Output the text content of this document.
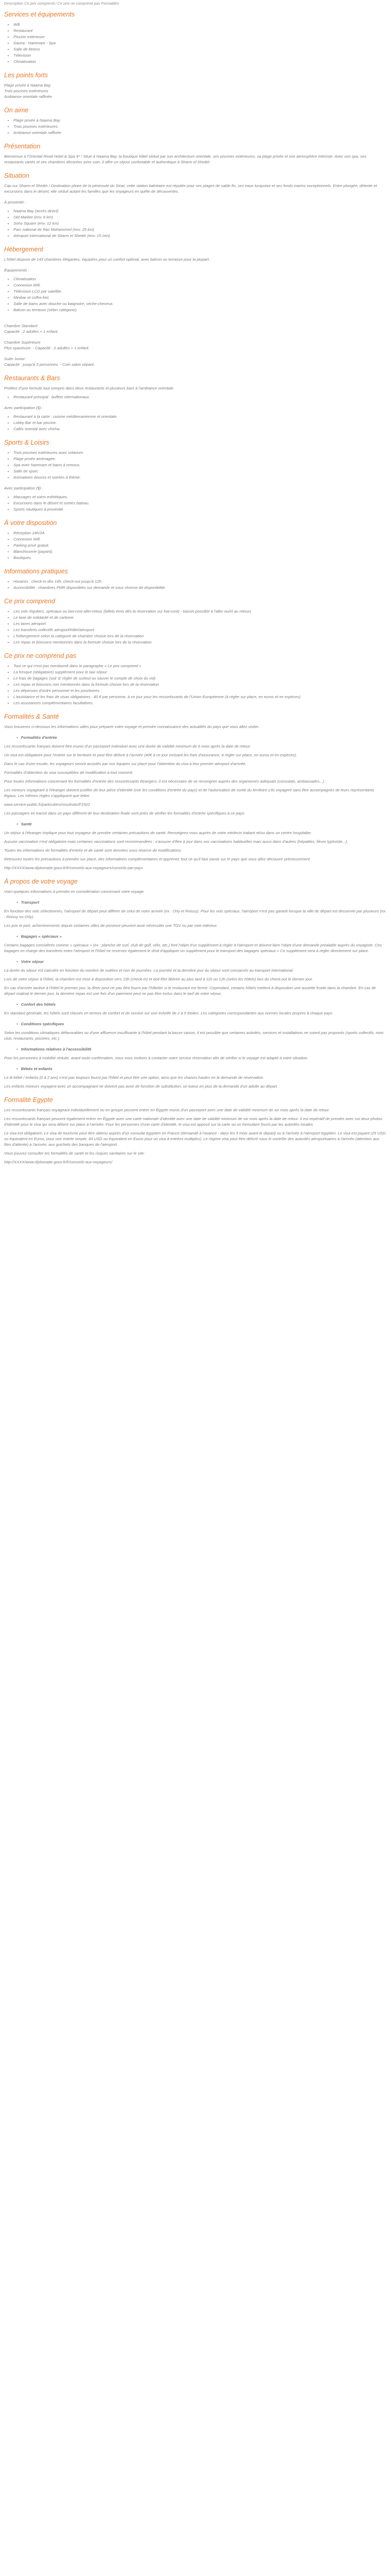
Description Ce prix comprend / Ce prix ne comprend pas Formalités
Services et équipements
• Wifi
• Restaurant
• Piscine extérieure
• Sauna - Hammam - Spa
• Salle de fitness
• Télévision
• Climatisation
Les points forts
Plage privée à Naama Bay
Trois piscines extérieures
Ambiance orientale raffinée
On aime
• Plage privée à Naama Bay.
• Trois piscines extérieures.
• Ambiance orientale raffinée.
Présentation

Bienvenue à l'Oriental Rivoli Hotel & Spa 4* ! Situé à Naama Bay, la boutique hôtel séduit par son architecture orientale, ses piscines extérieures, sa plage privée et son atmosphère intimiste. Avec son spa, ses restaurants variés et ses chambres décorées avec soin, il offre un séjour confortable et authentique à Sharm el Sheikh.

Situation

Cap sur Sharm el Sheikh ! Destination phare de la péninsule du Sinaï, cette station balnéaire est réputée pour ses plages de sable fin, ses eaux turquoise et ses fonds marins exceptionnels. Entre plongée, détente et excursions dans le désert, elle séduit autant les familles que les voyageurs en quête de découvertes.

À proximité :

• Naama Bay (accès direct)
• Old Market (env. 6 km)
• Soho Square (env. 12 km)
• Parc national de Ras Mohammed (env. 25 km)
• Aéroport international de Sharm el Sheikh (env. 15 min).
Hébergement

L'hôtel dispose de 143 chambres élégantes, équipées pour un confort optimal, avec balcon ou terrasse pour la plupart.

Équipements :

• Climatisation.
• Connexion Wifi.
• Télévision LCD par satellite.
• Minibar et coffre-fort.
• Salle de bains avec douche ou baignoire, sèche-cheveux.
• Balcon ou terrasse (selon catégorie).

Chambre Standard
Capacité : 2 adultes + 1 enfant.

Chambre Supérieure
Plus spacieuse. - Capacité : 2 adultes + 1 enfant.

Suite Junior
Capacité : jusqu'à 3 personnes. - Coin salon séparé.

Restaurants & Bars

Profitez d'une formule tout compris dans deux restaurants et plusieurs bars à l'ambiance orientale.

• Restaurant principal : buffets internationaux.

Avec participation ($) :

• Restaurant à la carte : cuisine méditerranéenne et orientale.
• Lobby Bar et bar piscine.
• Cafés oriental avec chicha.
Sports & Loisirs
• Trois piscines extérieures avec solarium.
• Plage privée aménagée.
• Spa avec hammam et bains à remous.
• Salle de sport.
• Animations douces et soirées à thème.

Avec participation ($) :

• Massages et soins esthétiques.
• Excursions dans le désert et sorties bateau.
• Sports nautiques à proximité.
À votre disposition
• Réception 24h/24.
• Connexion Wifi.
• Parking privé gratuit.
• Blanchisserie (payant).
• Boutiques.
Informations pratiques
• Horaires : check-in dès 14h, check-out jusqu'à 12h.
• Accessibilité : chambres PMR disponibles sur demande et sous réserve de disponibilité.
Ce prix comprend
• Les vols réguliers, spéciaux ou low-cost aller-retour (billets émis dès la réservation sur low-cost) - bassin possible à l'aller ou/et au retour)
• Le taxe de solidarité et de carbone
• Les taxes aéroport
• Les transferts collectifs aéroport/hôtel/aéroport
• L'hébergement selon la catégorie de chambre choisie lors de la réservation
• Les repas et boissons mentionnés dans la formule choisie lors de la réservation.
Ce prix ne comprend pas
• Tout ce qui n'est pas mentionné dans le paragraphe « Le prix comprend »
• La fresque (obligatoire) supplément pour le taxi séjour
• Le frais de bagages (soit 'à' régler de surtout ou sauver le compte de choix du vol)
• Les repas et boissons non mentionnés dans la formule choisie lors de la réservation
• Les dépenses d'ordre personnel et les pourboires
• L'assistance et les frais de visas obligatoires : 40 € par personne, à ce jour pour les ressortissants de l'Union Européenne (à régler sur place, en euros et en espèces)
• Les assurances complémentaires facultatives.
Formalités & Santé

Vous trouverez ci-dessous les informations utiles pour préparer votre voyage et prendre connaissance des actualités du pays que vous allez visiter.

• Formalités d'entrée

Les ressortissants français doivent être munis d'un passeport individuel avec une durée de validité minimum de 6 mois après la date de retour.

Un visa est obligatoire pour l'entrée sur le territoire et peut être délivré à l'arrivée (40€ à ce jour incluant les frais d'assurance, à régler sur place, en euros et en espèces).

Dans le cas d'une escale, les voyageurs seront assistés par nos équipes sur place pour l'obtention du visa à leur premier aéroport d'arrivée.

Formalités d'obtention du visa susceptibles de modification à tout moment.

Pour toutes informations concernant les formalités d'entrée des ressortissants étrangers, il est nécessaire de se renseigner auprès des organismes adéquats (consulats, ambassades...).

Les mineurs voyageant à l'étranger doivent justifier de leur pièce d'identité (voir les conditions d'entrée du pays) et de l'autorisation de sortie du territoire s'ils voyagent sans être accompagnés de leurs représentants légaux. Les mêmes règles s'appliquent que lettre.

www.service-public.fr/particuliers/vosdroits/F1922

Les passagers en transit dans un pays différent de leur destination finale sont priés de vérifier les formalités d'entrée spécifiques à ce pays.

• Santé

Un séjour à l'étranger implique pour tout voyageur de prendre certaines précautions de santé. Renseignez-vous auprès de votre médecin traitant et/ou dans un centre hospitalier.

Aucune vaccination n'est obligatoire mais certaines vaccinations sont recommandées : s'assurer d'être à jour dans vos vaccinations habituelles mais aussi dans d'autres (hépatites, fièvre typhoïde...).

Toutes les informations de formalités d'entrée et de santé sont données sous réserve de modifications.

Retrouvez toutes les précautions à prendre sur place, des informations complémentaires et apprenez tout ce qu'il faut savoir sur le pays que vous allez découvrir précieusement.

http://XXXX/www.diplomatie.gouv.fr/fr/conseils-aux-voyageurs/conseils-par-pays

À propos de votre voyage

Voici quelques informations à prendre en considération concernant votre voyage.

• Transport

En fonction des vols sélectionnés, l'aéroport de départ peut différer de celui de votre arrivée (ex : Orly et Roissy). Pour les vols spéciaux, l'aéroport n'est pas garanti lorsque la ville de départ est desservie par plusieurs (ex : Roissy ou Orly).

Les prix et port, acheminements depuis certaines villes de province peuvent avoir nécessiter une TGV ou par voie intérieur.

• Bagages « spéciaux »

Certains bagages considérés comme « spéciaux » (ex : planche de surf, club de golf, vélo, etc.) font l'objet d'un supplément à régler à l'aéroport et doivent faire l'objet d'une demande préalable auprès du voyagiste. Ces bagages en charge des transferts entre l'aéroport et l'hôtel ne reservez également le droit d'appliquer un supplément pour le transport des bagages spéciaux « Ce supplément sera à régler directement sur place.

• Votre séjour

La durée du séjour est calculée en fonction du nombre de nuitées et non de journées. La journée et la dernière jour du séjour sont consacrés au transport international.

Lors de votre séjour à l'hôtel, la chambre est mise à disposition vers 15h (check-in) et doit être libérée au plus tard à 11h ou 12h (selon les hôtels) lors du check-out le dernier jour.

En cas d'arrivée tardive à l'hôtel le premier jour, la dîner peut ne pas être fourni par l'hôtelier si le restaurant est fermé. Cependant, certains hôtels mettent à disposition une assiette froide dans la chambre. En cas de départ matinal le dernier jour, la dernière repas est une fois d'un paiement peut ne pas être inclus dans le tarif de votre séjour.

• Confort des hôtels

En standard générale, les hôtels sont classés en termes de confort et de service sur une échelle de 2 à 5 étoiles. Les catégories correspondantes aux normes locales propres à chaque pays.

• Conditions spécifiques

Selon les conditions climatiques défavorables ou d'une affluence insuffisante à l'hôtel pendant la basse saison, il est possible que certaines activités, services et installations ne soient pas proposés (sports collectifs, mini-club, restaurants, piscines, etc.).

• Informations relatives à l'accessibilité

Pour les personnes à mobilité réduite, avant toute confirmation, nous vous invitons à contacter notre service réservation afin de vérifier si le voyage est adapté à votre situation.

• Bébés et enfants

Le lit bébé / enfants (0 à 2 ans) n'est pas toujours fourni par l'hôtel et peut être une option, ainsi que les chaises hautes en la demande de réservation.

Les enfants mineurs voyagent avec un accompagnant ne doivent pas avoir de fonction de substitution, un tuteur en plus de la demande d'un adulte au départ.

Formalité Egypte

Les ressortissants français voyageant individuellement ou en groupe peuvent entrer en Égypte munis d'un passeport avec une date de validité minimum de six mois après la date de retour.

Les ressortissants français peuvent également entrer en Égypte avec une carte nationale d'identité avec une date de validité minimum de six mois après la date de retour. Il est impératif de prendre avec soi deux photos d'identité pour le visa qui sera délivré sur place à l'arrivée. Pour les personnes d'une carte d'identité, le visa est apposé sur la carte ou un formulaire fourni par les autorités locales.

Le visa est obligatoire. Le visa de tourisme peut être obtenu auprès d'un consulat égyptien en France (demandé à l'avance - dans les 3 mois avant le départ) ou à l'arrivée à l'aéroport égyptien. Le visa est payant (25 USD, ou équivalent en Euros, pour une entrée simple, 60 USD ou équivalent en Euros pour un visa à entrées multiples). Le régime visa peut être délivré sous le contrôle des autorités aéroportuaires à l'arrivée (attention aux files d'attente) à l'arrivée, aux guichets des banques de l'aéroport.

Vous pouvez consulter les formalités de santé et les risques sanitaires sur le site :

http://XXXX/www.diplomatie.gouv.fr/fr/conseils-aux-voyageurs/
